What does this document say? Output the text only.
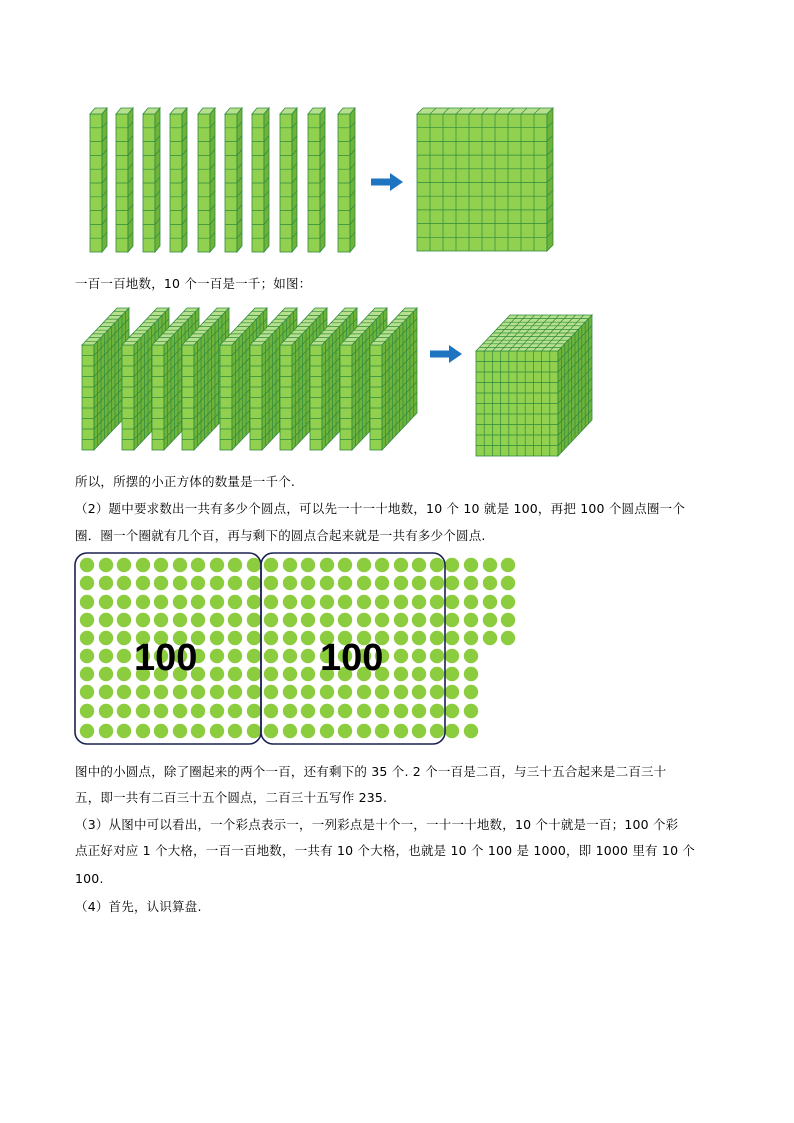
100	100
一百一百地数，10 个一百是一千；如图：
所以，所摆的小正方体的数量是一千个.
（2）题中要求数出一共有多少个圆点，可以先一十一十地数，10 个 10 就是 100，再把 100 个圆点圈一个
圈．圈一个圈就有几个百，再与剩下的圆点合起来就是一共有多少个圆点.
图中的小圆点，除了圈起来的两个一百，还有剩下的 35 个. 2 个一百是二百，与三十五合起来是二百三十
五，即一共有二百三十五个圆点，二百三十五写作 235.
（3）从图中可以看出，一个彩点表示一，一列彩点是十个一，一十一十地数，10 个十就是一百；100 个彩
点正好对应 1 个大格，一百一百地数，一共有 10 个大格，也就是 10 个 100 是 1000，即 1000 里有 10 个
100.
（4）首先，认识算盘.
